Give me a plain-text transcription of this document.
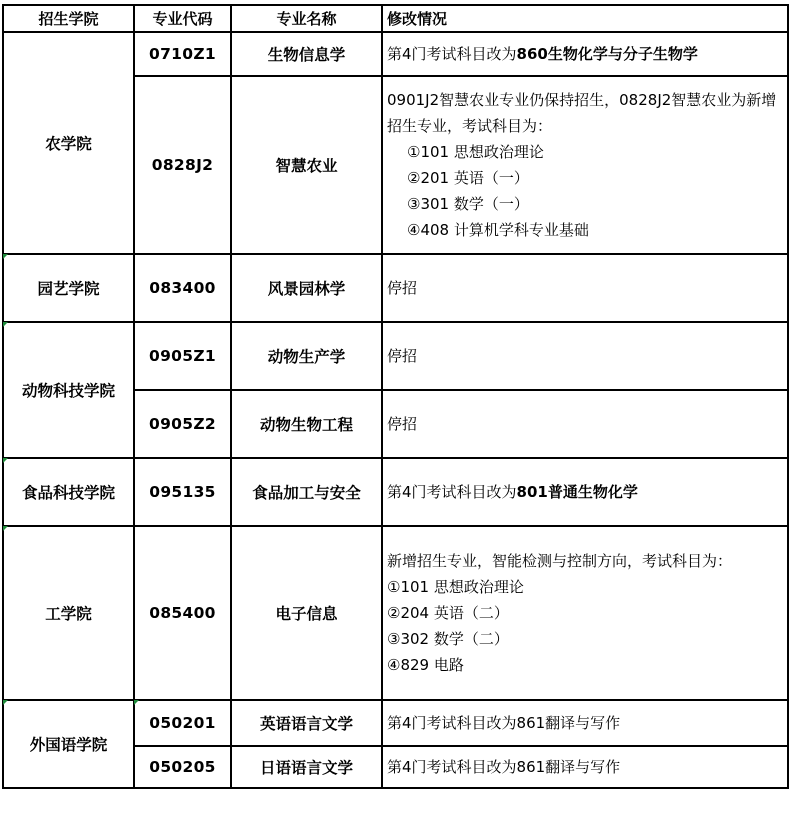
招生学院	专业代码	专业名称	修改情况
农学院	0710Z1	生物信息学	第4门考试科目改为860生物化学与分子生物学
	0828J2	智慧农业	0901J2智慧农业专业仍保持招生，0828J2智慧农业为新增招生专业，考试科目为：
①101 思想政治理论
②201 英语（一）
③301 数学（一）
④408 计算机学科专业基础

园艺学院	083400	风景园林学	停招
动物科技学院	0905Z1	动物生产学	停招
	0905Z2	动物生物工程	停招
食品科技学院	095135	食品加工与安全	第4门考试科目改为801普通生物化学
工学院	085400	电子信息	新增招生专业，智能检测与控制方向，考试科目为：
①101 思想政治理论
②204 英语（二）
③302 数学（二）
④829 电路

外国语学院	050201	英语语言文学	第4门考试科目改为861翻译与写作
	050205	日语语言文学	第4门考试科目改为861翻译与写作
